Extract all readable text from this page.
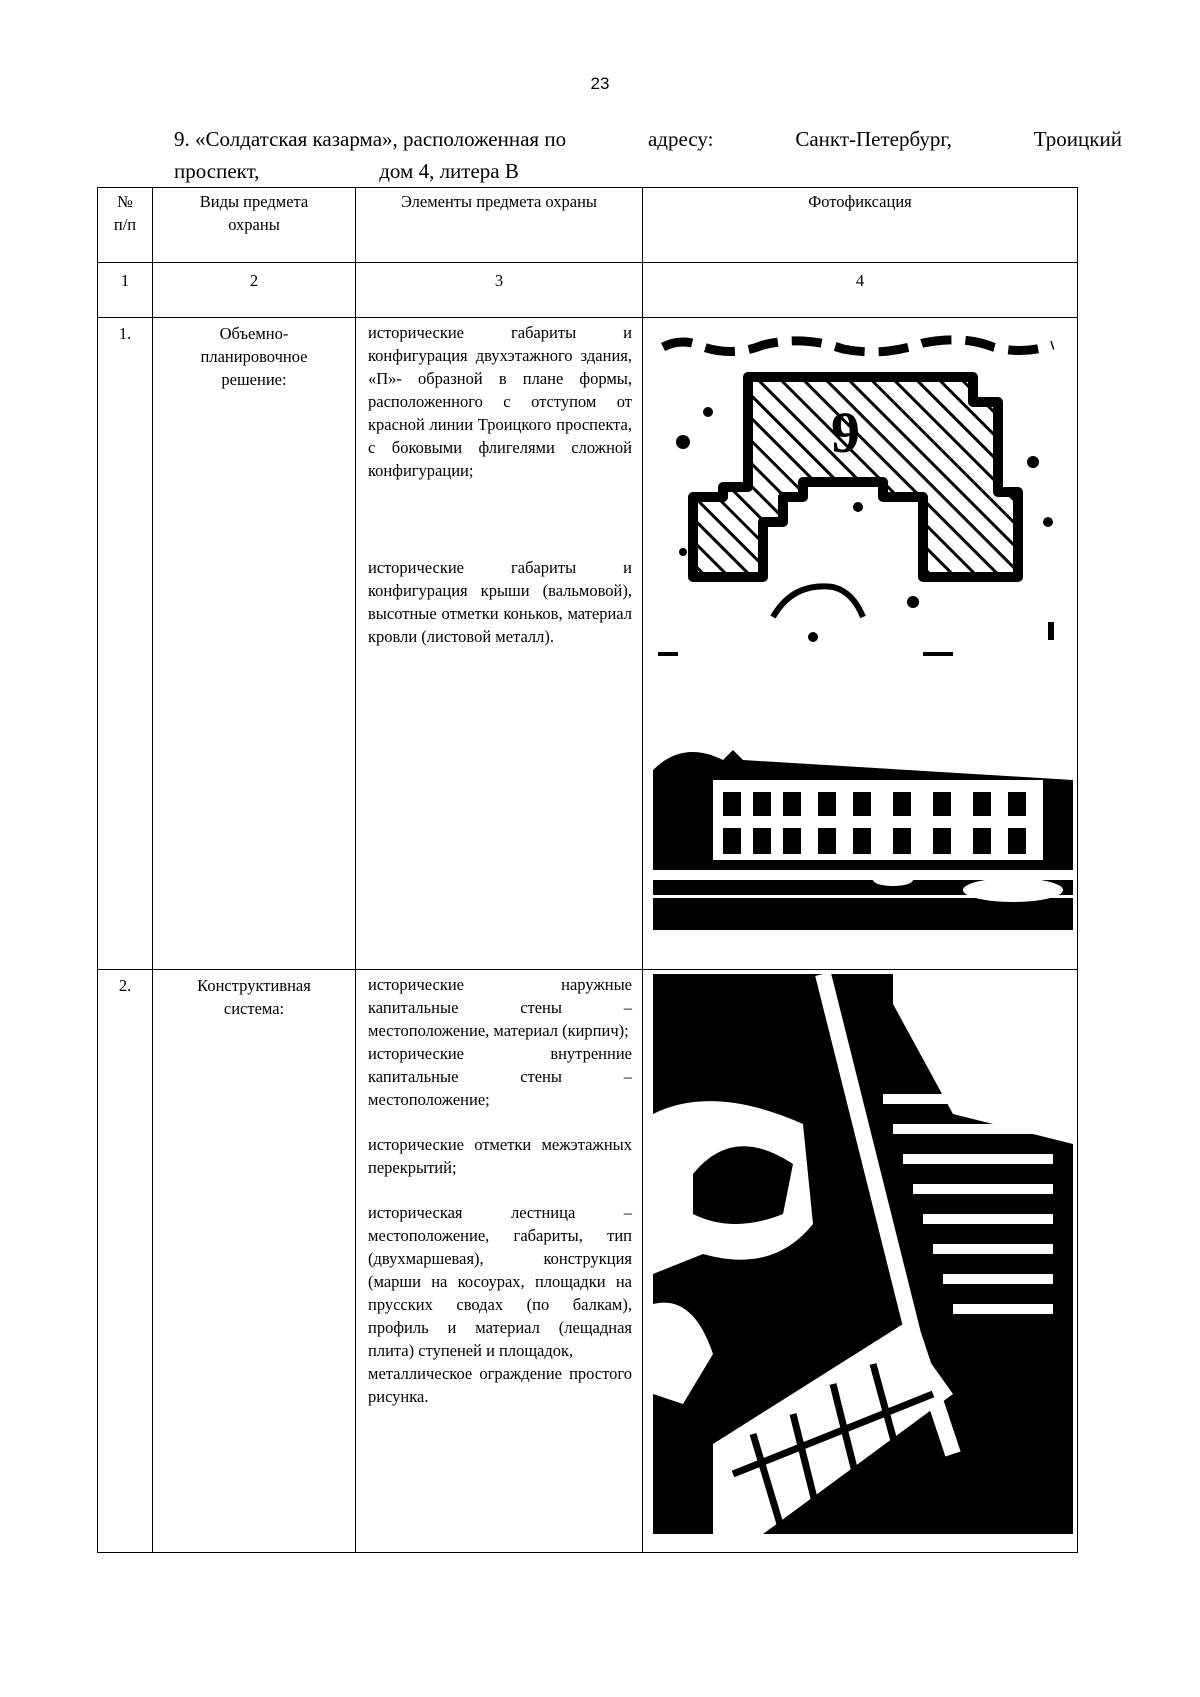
23
9. «Солдатская казарма», расположенная по	адресу:	Санкт-Петербург,	Троицкий
проспект,	дом 4, литера В
№ п/п	Виды предмета охраны	Элементы предмета охраны	Фотофиксация
1	2	3	4
1.	Объемно-планировочное решение:	исторические габариты и конфигурация двухэтажного здания, «П»- образной в плане формы, расположенного с отступом от красной линии Троицкого проспекта, с боковыми флигелями сложной конфигурации;

исторические габариты и конфигурация крыши (вальмовой), высотные отметки коньков, материал кровли (листовой металл).	9

2.	Конструктивная система:	исторические наружные капитальные стены – местоположение, материал (кирпич);

исторические внутренние капитальные стены – местоположение;

исторические отметки межэтажных перекрытий;

историческая лестница – местоположение, габариты, тип (двухмаршевая), конструкция (марши на косоурах, площадки на прусских сводах (по балкам), профиль и материал (лещадная плита) ступеней и площадок,

металлическое ограждение простого рисунка.
